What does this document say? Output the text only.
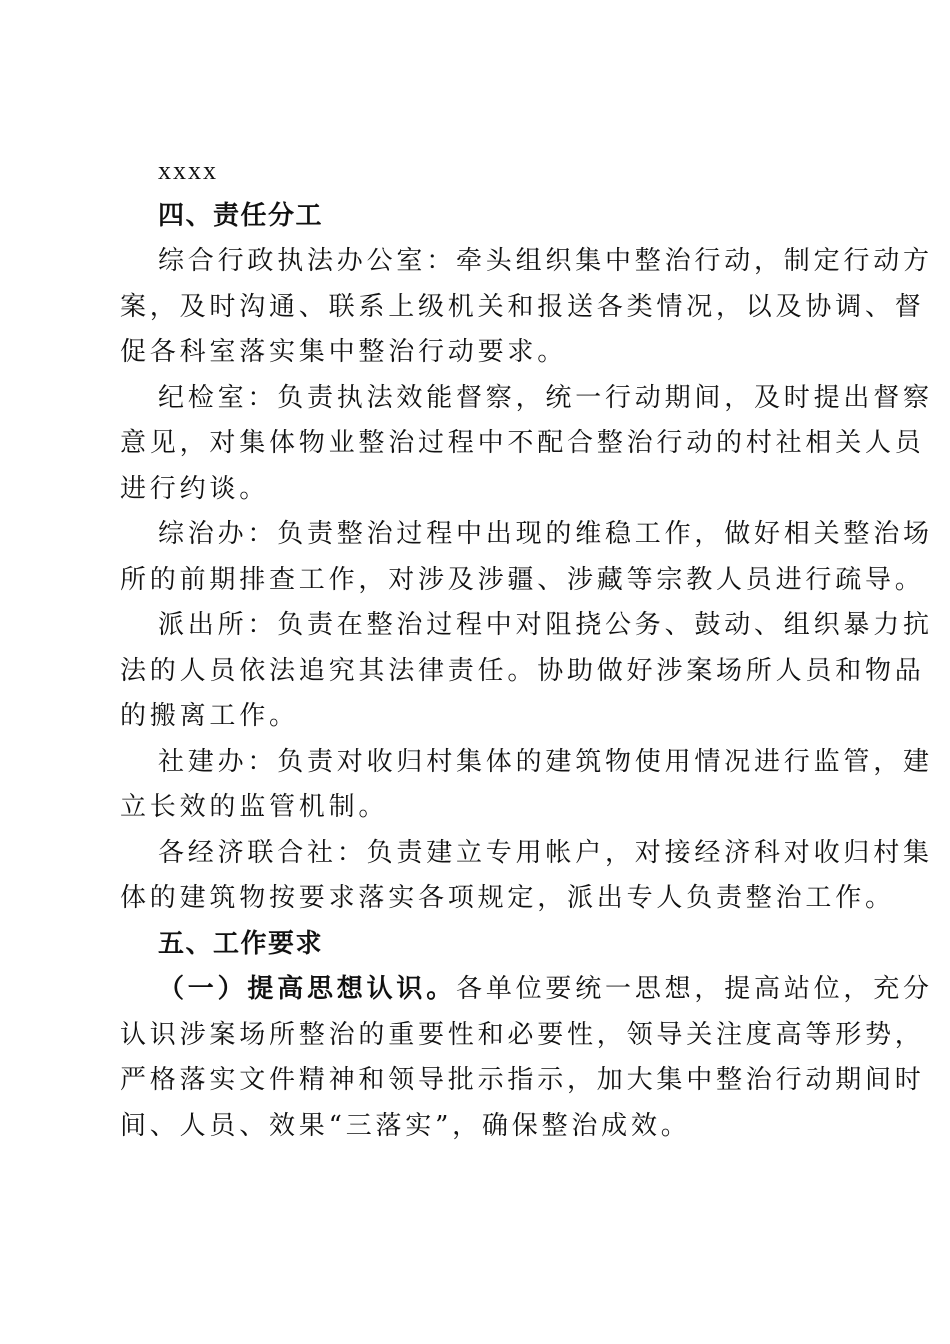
xxxx
四、责任分工
综合行政执法办公室：牵头组织集中整治行动，制定行动方
案，及时沟通、联系上级机关和报送各类情况，以及协调、督
促各科室落实集中整治行动要求。
纪检室：负责执法效能督察，统一行动期间，及时提出督察
意见，对集体物业整治过程中不配合整治行动的村社相关人员
进行约谈。
综治办：负责整治过程中出现的维稳工作，做好相关整治场
所的前期排查工作，对涉及涉疆、涉藏等宗教人员进行疏导。
派出所：负责在整治过程中对阻挠公务、鼓动、组织暴力抗
法的人员依法追究其法律责任。协助做好涉案场所人员和物品
的搬离工作。
社建办：负责对收归村集体的建筑物使用情况进行监管，建
立长效的监管机制。
各经济联合社：负责建立专用帐户，对接经济科对收归村集
体的建筑物按要求落实各项规定，派出专人负责整治工作。
五、工作要求
（一）提高思想认识。各单位要统一思想，提高站位，充分
认识涉案场所整治的重要性和必要性，领导关注度高等形势，
严格落实文件精神和领导批示指示，加大集中整治行动期间时
间、人员、效果“三落实”，确保整治成效。
